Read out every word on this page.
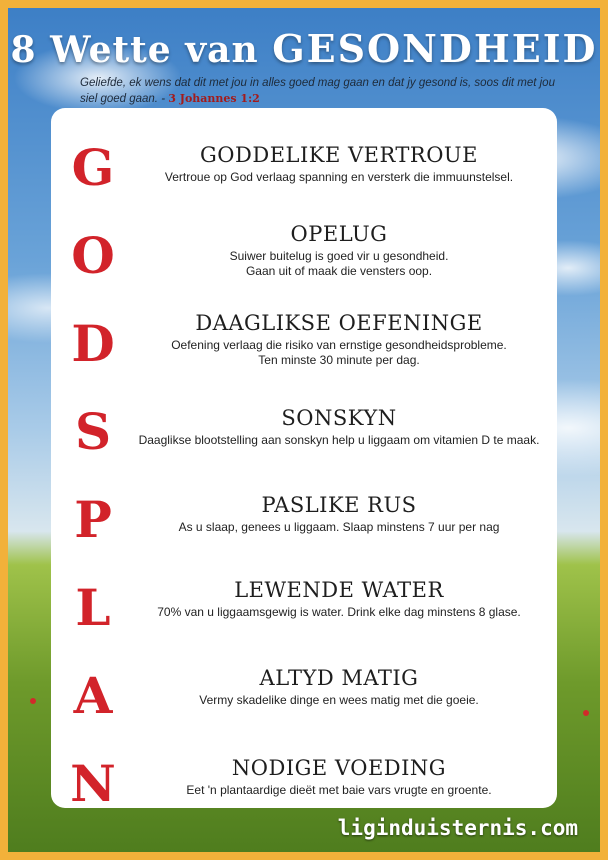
8 Wette van GESONDHEID
Geliefde, ek wens dat dit met jou in alles goed mag gaan en dat jy gesond is, soos dit met jou siel goed gaan. - 3 Johannes 1:2
G
O
D
S
P
L
A
N
GODDELIKE VERTROUE
Vertroue op God verlaag spanning en versterk die immuunstelsel.
OPELUG
Suiwer buitelug is goed vir u gesondheid.
Gaan uit of maak die vensters oop.
DAAGLIKSE OEFENINGE
Oefening verlaag die risiko van ernstige gesondheidsprobleme.
Ten minste 30 minute per dag.
SONSKYN
Daaglikse blootstelling aan sonskyn help u liggaam om vitamien D te maak.
PASLIKE RUS
As u slaap, genees u liggaam. Slaap minstens 7 uur per nag
LEWENDE WATER
70% van u liggaamsgewig is water. Drink elke dag minstens 8 glase.
ALTYD MATIG
Vermy skadelike dinge en wees matig met die goeie.
NODIGE VOEDING
Eet 'n plantaardige dieët met baie vars vrugte en groente.
liginduisternis.com
